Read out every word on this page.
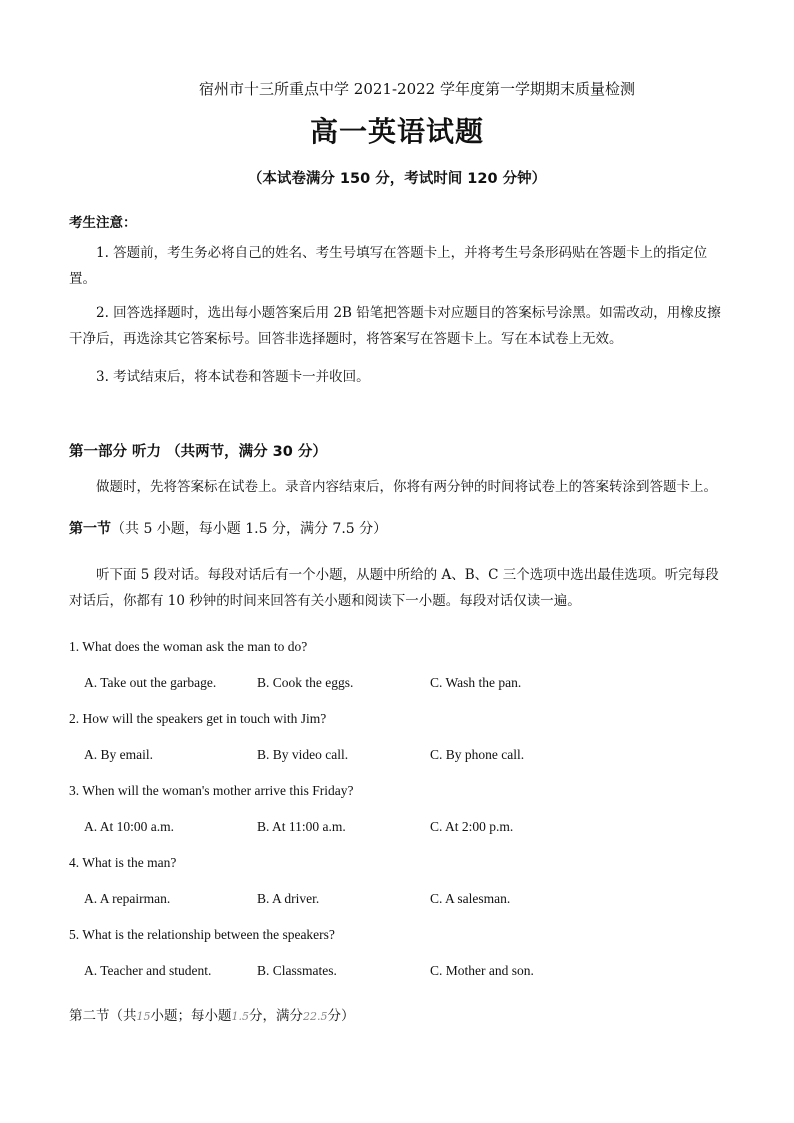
宿州市十三所重点中学 2021-2022 学年度第一学期期末质量检测
高一英语试题
（本试卷满分 150 分，考试时间 120 分钟）
考生注意：
1. 答题前，考生务必将自己的姓名、考生号填写在答题卡上，并将考生号条形码贴在答题卡上的指定位置。
2. 回答选择题时，选出每小题答案后用 2B 铅笔把答题卡对应题目的答案标号涂黑。如需改动，用橡皮擦干净后，再选涂其它答案标号。回答非选择题时，将答案写在答题卡上。写在本试卷上无效。
3. 考试结束后，将本试卷和答题卡一并收回。
第一部分 听力 （共两节，满分 30 分）
做题时，先将答案标在试卷上。录音内容结束后，你将有两分钟的时间将试卷上的答案转涂到答题卡上。
第一节（共 5 小题，每小题 1.5 分，满分 7.5 分）
听下面 5 段对话。每段对话后有一个小题，从题中所给的 A、B、C 三个选项中选出最佳选项。听完每段对话后，你都有 10 秒钟的时间来回答有关小题和阅读下一小题。每段对话仅读一遍。
1. What does the woman ask the man to do?
A. Take out the garbage.	B. Cook the eggs.	C. Wash the pan.
2. How will the speakers get in touch with Jim?
A. By email.	B. By video call.	C. By phone call.
3. When will the woman's mother arrive this Friday?
A. At 10:00 a.m.	B. At 11:00 a.m.	C. At 2:00 p.m.
4. What is the man?
A. A repairman.	B. A driver.	C. A salesman.
5. What is the relationship between the speakers?
A. Teacher and student.	B. Classmates.	C. Mother and son.
第二节（共15小题；每小题1.5分，满分22.5分）
